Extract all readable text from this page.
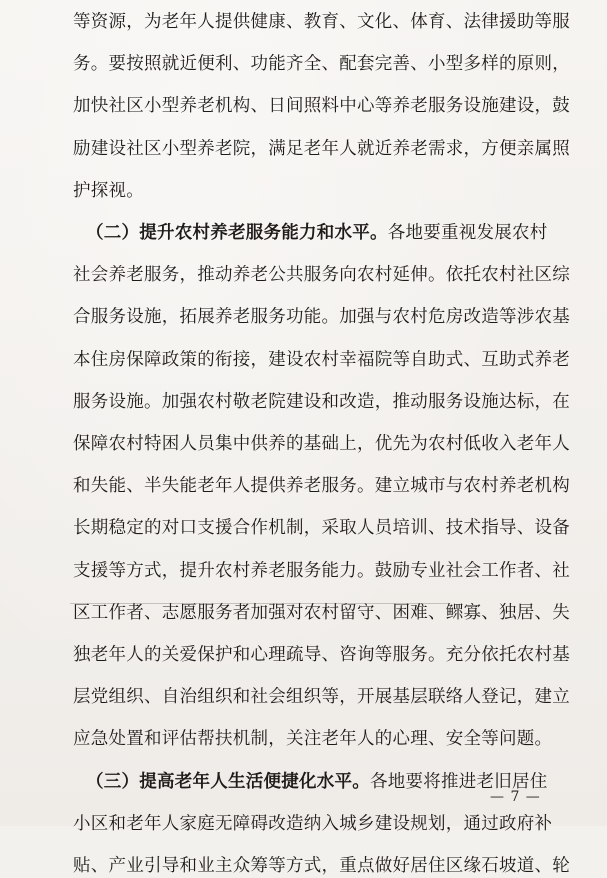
等资源，为老年人提供健康、教育、文化、体育、法律援助等服
务。要按照就近便利、功能齐全、配套完善、小型多样的原则，
加快社区小型养老机构、日间照料中心等养老服务设施建设，鼓
励建设社区小型养老院，满足老年人就近养老需求，方便亲属照
护探视。
（二）提升农村养老服务能力和水平。各地要重视发展农村
社会养老服务，推动养老公共服务向农村延伸。依托农村社区综
合服务设施，拓展养老服务功能。加强与农村危房改造等涉农基
本住房保障政策的衔接，建设农村幸福院等自助式、互助式养老
服务设施。加强农村敬老院建设和改造，推动服务设施达标，在
保障农村特困人员集中供养的基础上，优先为农村低收入老年人
和失能、半失能老年人提供养老服务。建立城市与农村养老机构
长期稳定的对口支援合作机制，采取人员培训、技术指导、设备
支援等方式，提升农村养老服务能力。鼓励专业社会工作者、社
区工作者、志愿服务者加强对农村留守、困难、鳏寡、独居、失
独老年人的关爱保护和心理疏导、咨询等服务。充分依托农村基
层党组织、自治组织和社会组织等，开展基层联络人登记，建立
应急处置和评估帮扶机制，关注老年人的心理、安全等问题。
（三）提高老年人生活便捷化水平。各地要将推进老旧居住
小区和老年人家庭无障碍改造纳入城乡建设规划，通过政府补
贴、产业引导和业主众筹等方式，重点做好居住区缘石坡道、轮
— 7 —
